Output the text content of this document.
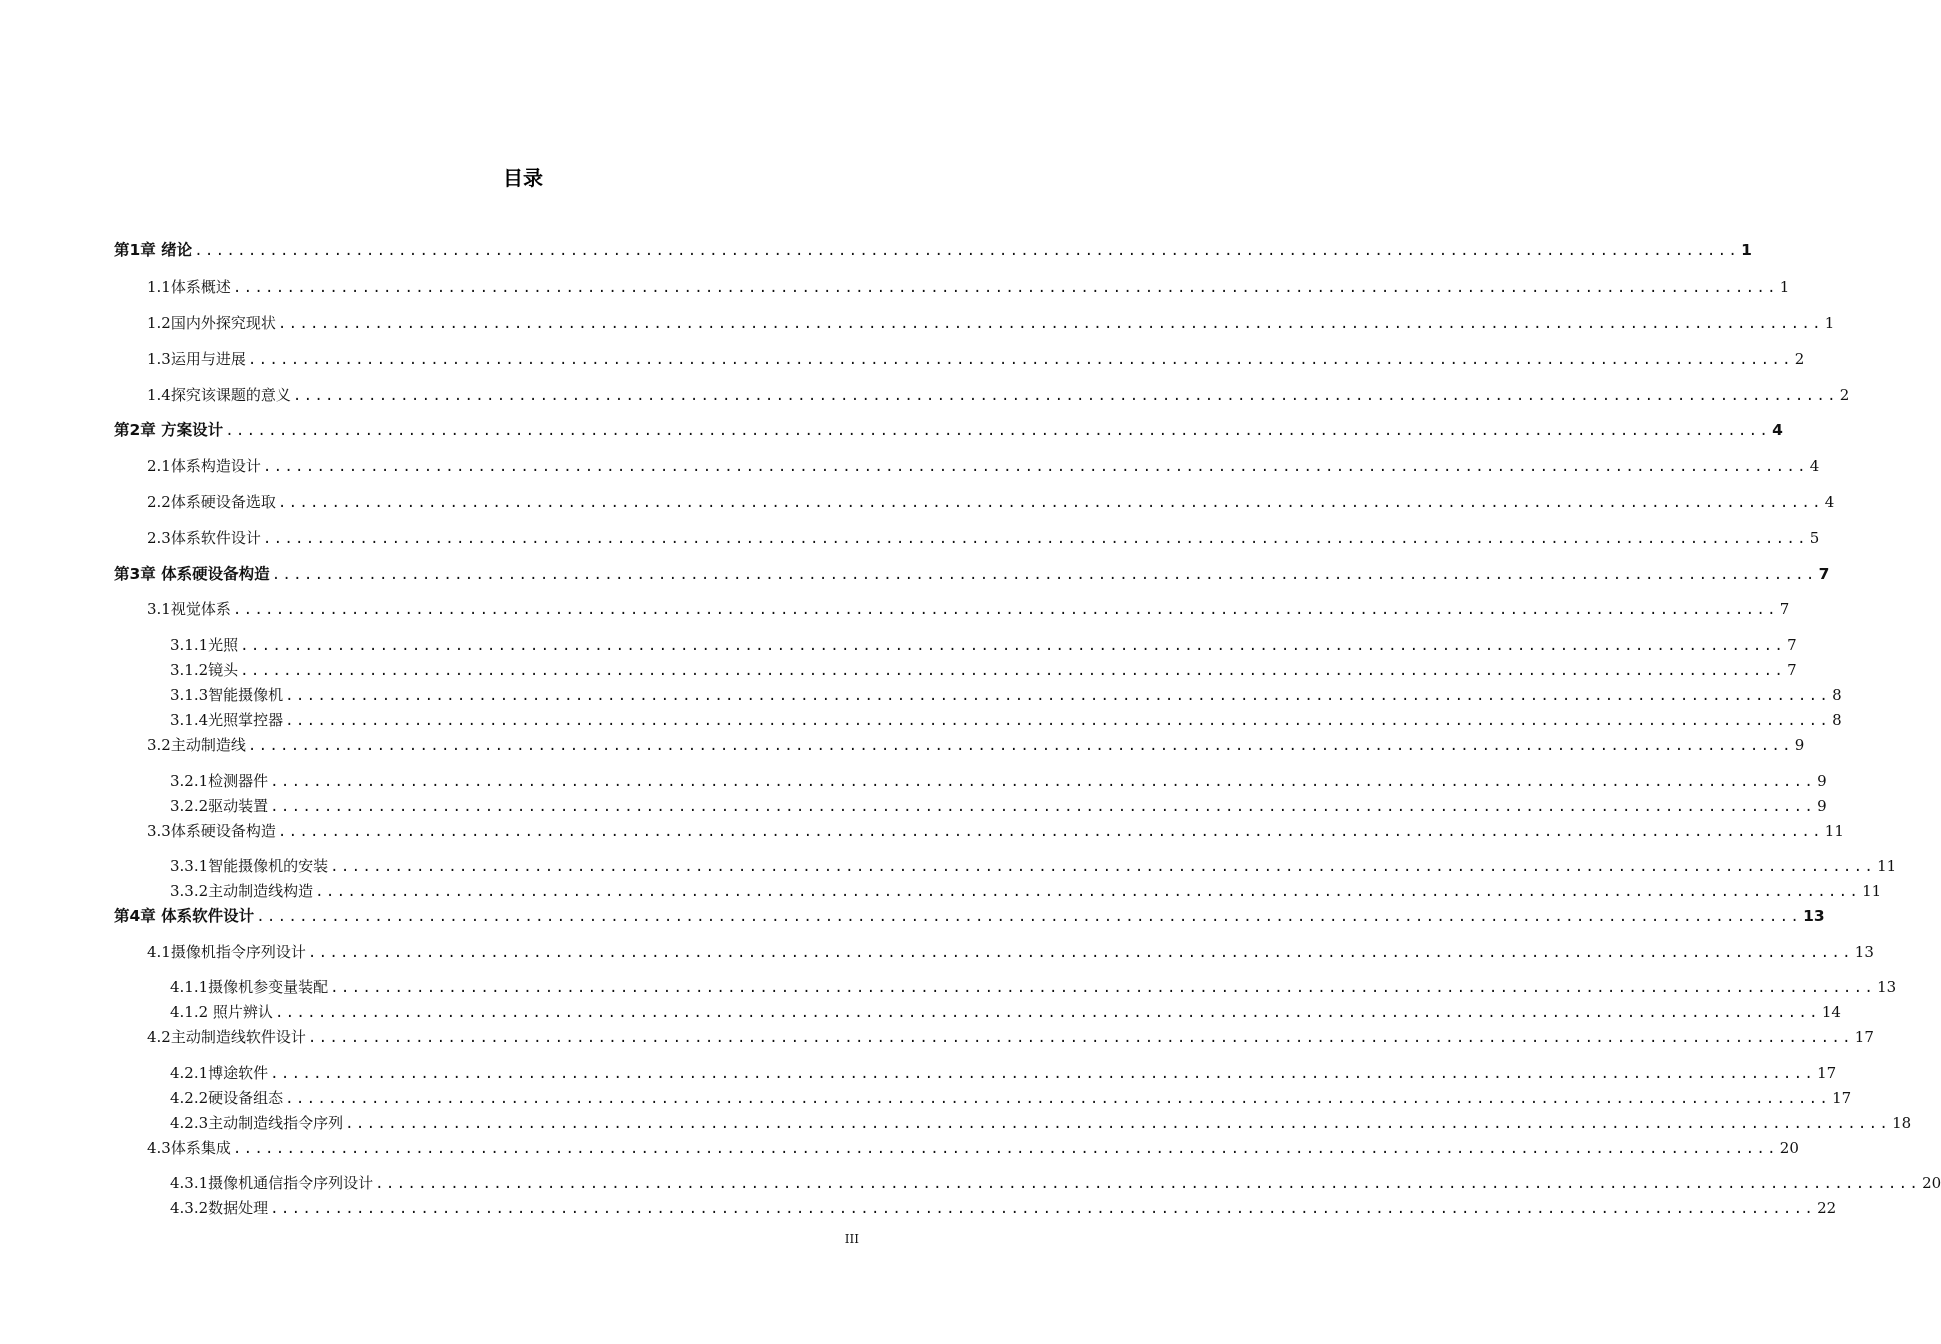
目录
第1章 绪论 ................................................................................................................................................ 1
1.1体系概述 ................................................................................................................................................ 1
1.2国内外探究现状 ................................................................................................................................................ 1
1.3运用与进展 ................................................................................................................................................ 2
1.4探究该课题的意义 ................................................................................................................................................ 2
第2章 方案设计 ................................................................................................................................................ 4
2.1体系构造设计 ................................................................................................................................................ 4
2.2体系硬设备选取 ................................................................................................................................................ 4
2.3体系软件设计 ................................................................................................................................................ 5
第3章 体系硬设备构造 ................................................................................................................................................ 7
3.1视觉体系 ................................................................................................................................................ 7
3.1.1光照 ................................................................................................................................................ 7
3.1.2镜头 ................................................................................................................................................ 7
3.1.3智能摄像机 ................................................................................................................................................ 8
3.1.4光照掌控器 ................................................................................................................................................ 8
3.2主动制造线 ................................................................................................................................................ 9
3.2.1检测器件 ................................................................................................................................................ 9
3.2.2驱动装置 ................................................................................................................................................ 9
3.3体系硬设备构造 ................................................................................................................................................ 11
3.3.1智能摄像机的安装 ................................................................................................................................................ 11
3.3.2主动制造线构造 ................................................................................................................................................ 11
第4章 体系软件设计 ................................................................................................................................................ 13
4.1摄像机指令序列设计 ................................................................................................................................................ 13
4.1.1摄像机参变量装配 ................................................................................................................................................ 13
4.1.2 照片辨认 ................................................................................................................................................ 14
4.2主动制造线软件设计 ................................................................................................................................................ 17
4.2.1博途软件 ................................................................................................................................................ 17
4.2.2硬设备组态 ................................................................................................................................................ 17
4.2.3主动制造线指令序列 ................................................................................................................................................ 18
4.3体系集成 ................................................................................................................................................ 20
4.3.1摄像机通信指令序列设计 ................................................................................................................................................ 20
4.3.2数据处理 ................................................................................................................................................ 22
III
